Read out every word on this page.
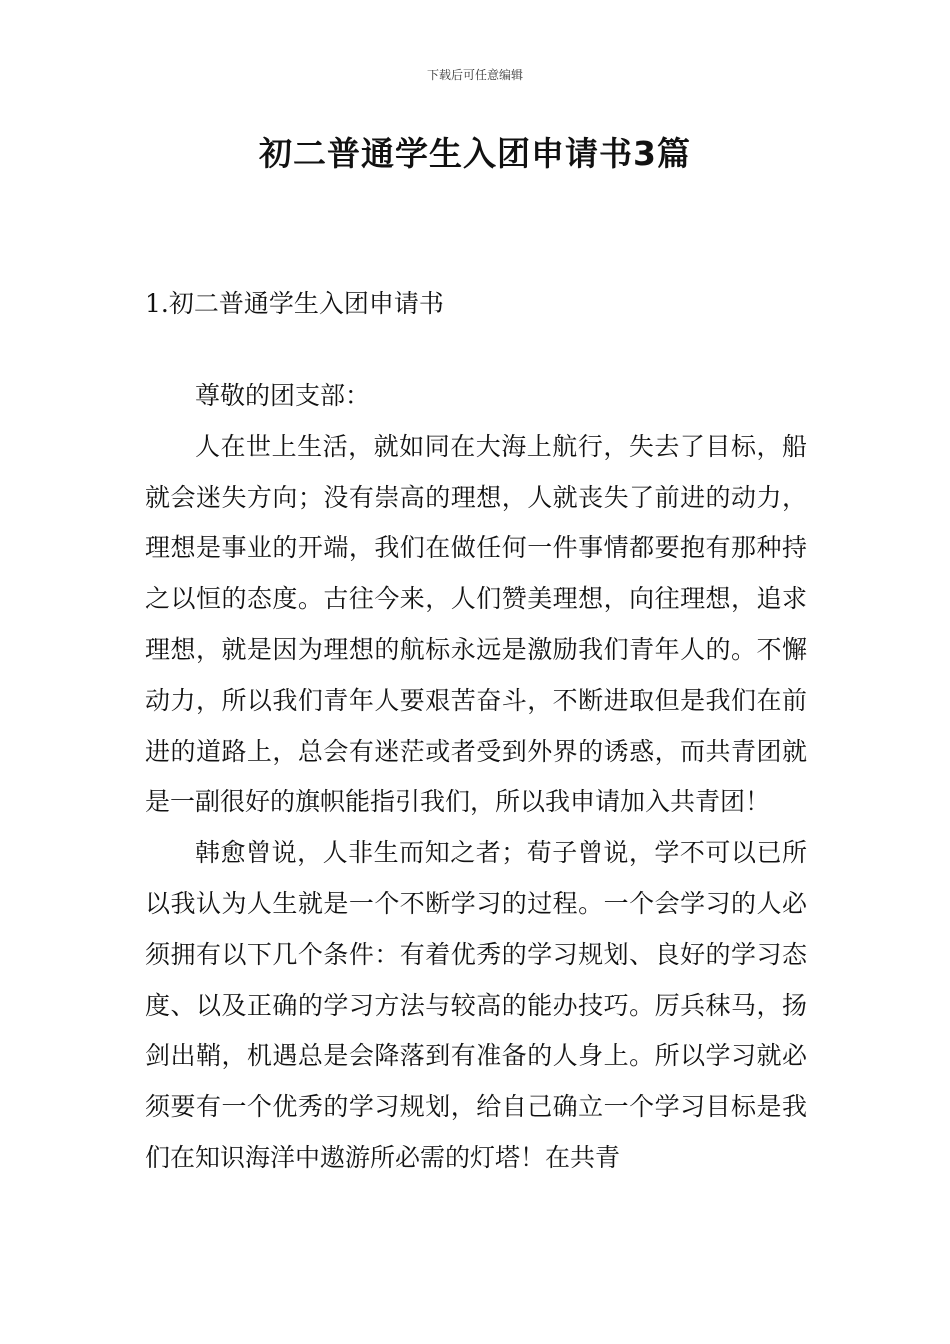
下载后可任意编辑
初二普通学生入团申请书3篇
1.初二普通学生入团申请书

尊敬的团支部：

人在世上生活，就如同在大海上航行，失去了目标，船就会迷失方向；没有崇高的理想，人就丧失了前进的动力，理想是事业的开端，我们在做任何一件事情都要抱有那种持之以恒的态度。古往今来，人们赞美理想，向往理想，追求理想，就是因为理想的航标永远是激励我们青年人的。不懈动力，所以我们青年人要艰苦奋斗，不断进取但是我们在前进的道路上，总会有迷茫或者受到外界的诱惑，而共青团就是一副很好的旗帜能指引我们，所以我申请加入共青团！

韩愈曾说，人非生而知之者；荀子曾说，学不可以已所以我认为人生就是一个不断学习的过程。一个会学习的人必须拥有以下几个条件：有着优秀的学习规划、良好的学习态度、以及正确的学习方法与较高的能办技巧。厉兵秣马，扬剑出鞘，机遇总是会降落到有准备的人身上。所以学习就必须要有一个优秀的学习规划，给自己确立一个学习目标是我们在知识海洋中遨游所必需的灯塔！在共青
